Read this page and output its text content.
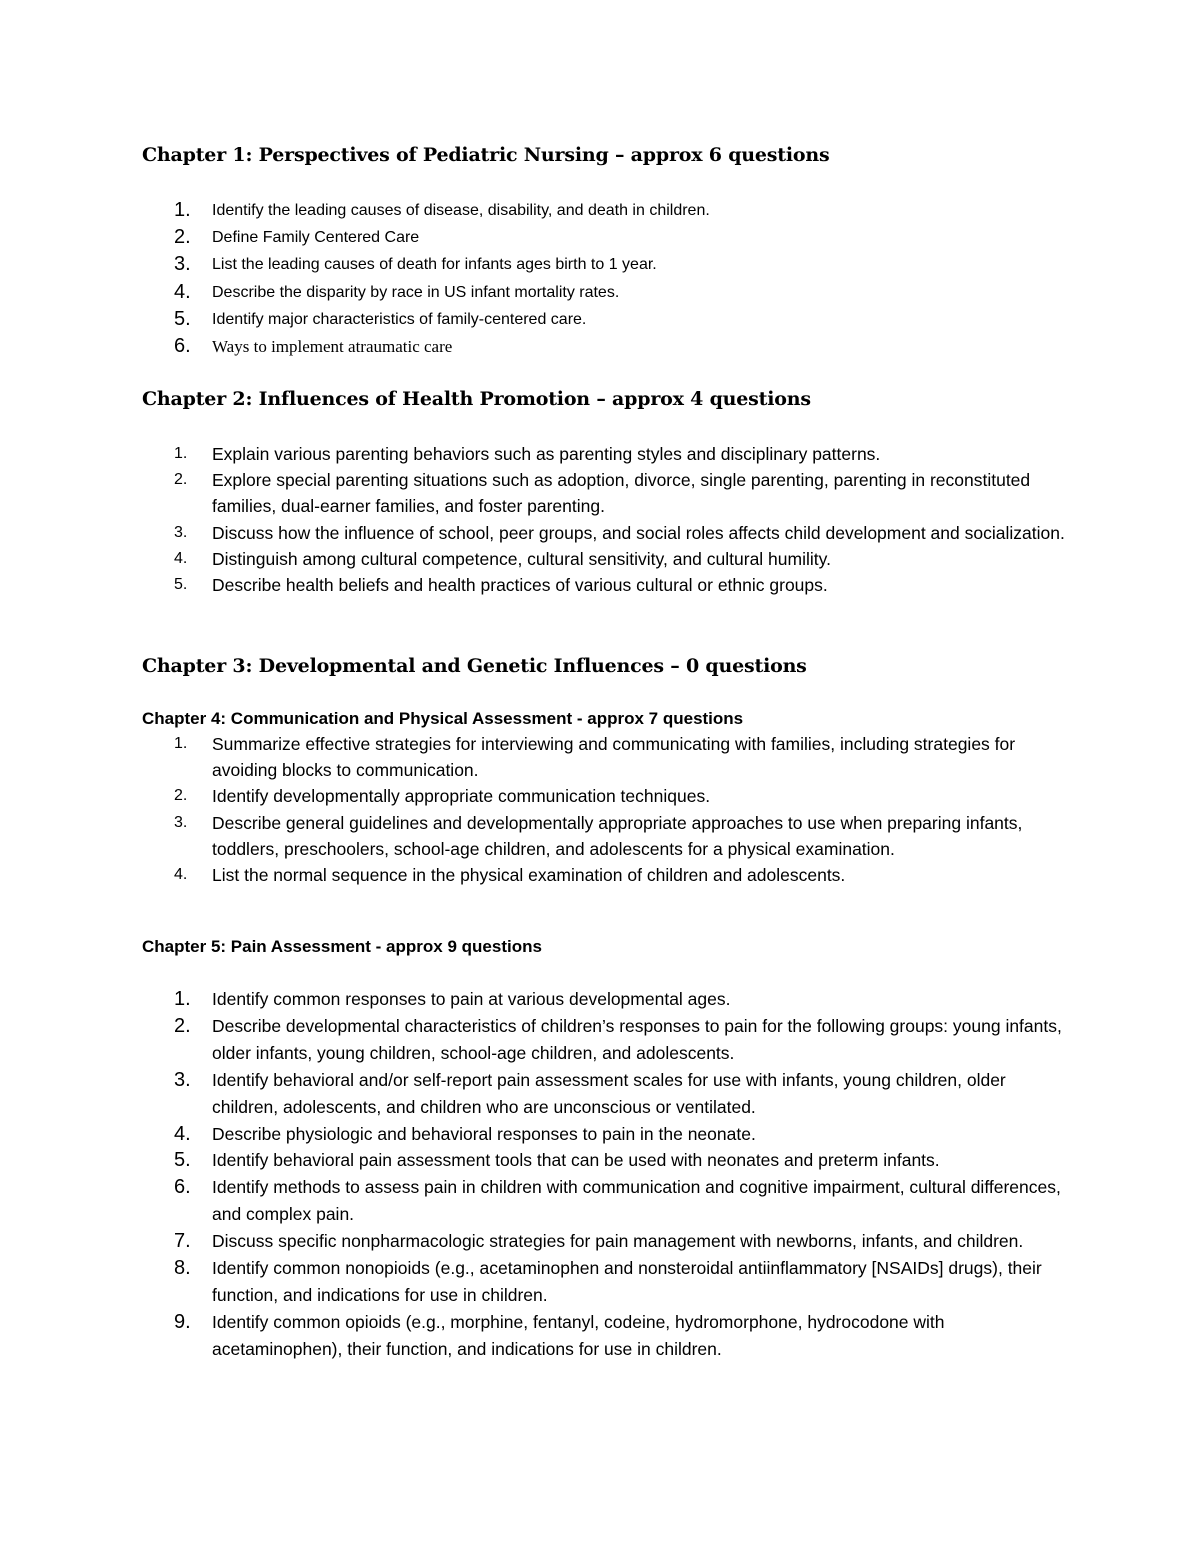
Chapter 1: Perspectives of Pediatric Nursing – approx 6 questions
1.	Identify the leading causes of disease, disability, and death in children.
2.	Define Family Centered Care
3.	List the leading causes of death for infants ages birth to 1 year.
4.	Describe the disparity by race in US infant mortality rates.
5.	Identify major characteristics of family-centered care.
6.	Ways to implement atraumatic care
Chapter 2: Influences of Health Promotion – approx 4 questions
1.	Explain various parenting behaviors such as parenting styles and disciplinary patterns.
2.	Explore special parenting situations such as adoption, divorce, single parenting, parenting in reconstituted families, dual-earner families, and foster parenting.
3.	Discuss how the influence of school, peer groups, and social roles affects child development and socialization.
4.	Distinguish among cultural competence, cultural sensitivity, and cultural humility.
5.	Describe health beliefs and health practices of various cultural or ethnic groups.
Chapter 3: Developmental and Genetic Influences – 0 questions
Chapter 4: Communication and Physical Assessment - approx 7 questions
1.	Summarize effective strategies for interviewing and communicating with families, including strategies for avoiding blocks to communication.
2.	Identify developmentally appropriate communication techniques.
3.	Describe general guidelines and developmentally appropriate approaches to use when preparing infants, toddlers, preschoolers, school-age children, and adolescents for a physical examination.
4.	List the normal sequence in the physical examination of children and adolescents.
Chapter 5: Pain Assessment - approx 9 questions
1.	Identify common responses to pain at various developmental ages.
2.	Describe developmental characteristics of children’s responses to pain for the following groups: young infants, older infants, young children, school-age children, and adolescents.
3.	Identify behavioral and/or self-report pain assessment scales for use with infants, young children, older children, adolescents, and children who are unconscious or ventilated.
4.	Describe physiologic and behavioral responses to pain in the neonate.
5.	Identify behavioral pain assessment tools that can be used with neonates and preterm infants.
6.	Identify methods to assess pain in children with communication and cognitive impairment, cultural differences, and complex pain.
7.	Discuss specific nonpharmacologic strategies for pain management with newborns, infants, and children.
8.	Identify common nonopioids (e.g., acetaminophen and nonsteroidal antiinflammatory [NSAIDs] drugs), their function, and indications for use in children.
9.	Identify common opioids (e.g., morphine, fentanyl, codeine, hydromorphone, hydrocodone with acetaminophen), their function, and indications for use in children.
